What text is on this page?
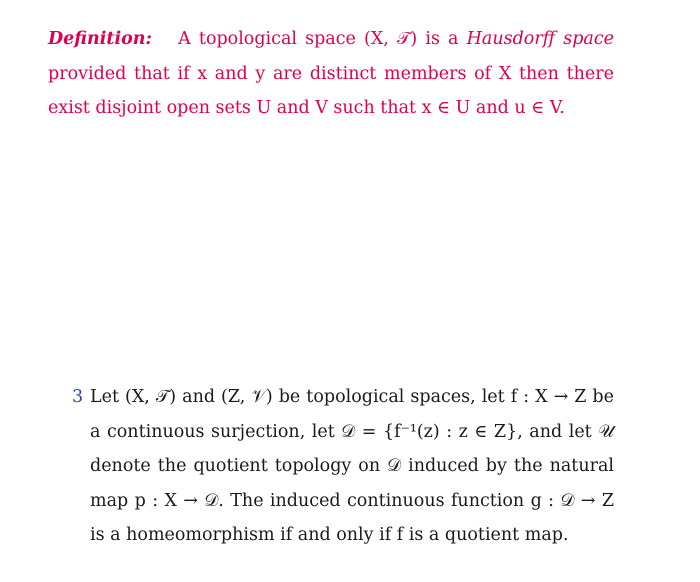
Definition: A topological space (X, 𝒯) is a Hausdorff space provided that if x and y are distinct members of X then there exist disjoint open sets U and V such that x ∈ U and u ∈ V.
3 Let (X, 𝒯) and (Z, 𝒱) be topological spaces, let f : X → Z be a continuous surjection, let 𝒟 = {f⁻¹(z) : z ∈ Z}, and let 𝒰 denote the quotient topology on 𝒟 induced by the natural map p : X → 𝒟. The induced continuous function g : 𝒟 → Z is a homeomorphism if and only if f is a quotient map.
